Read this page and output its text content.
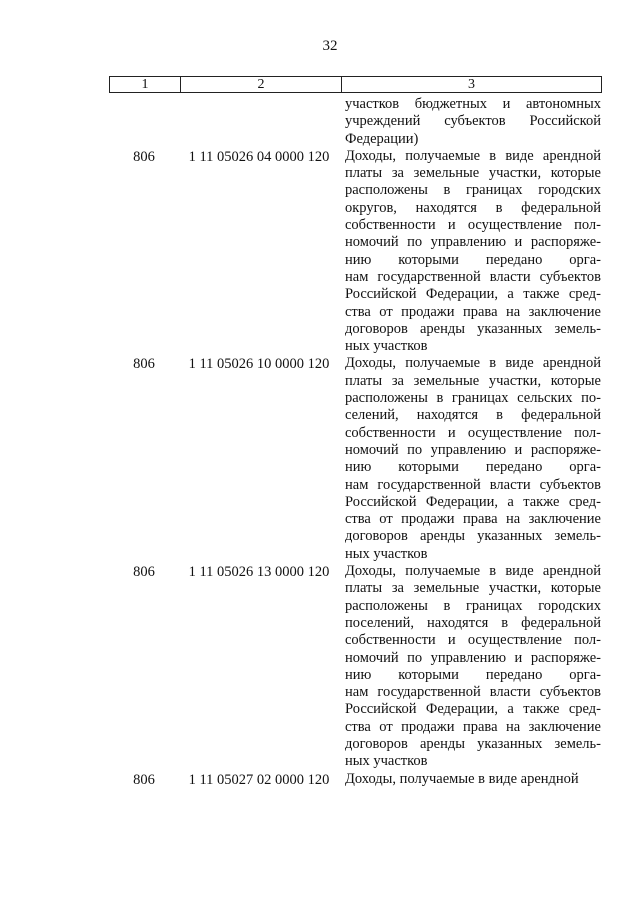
32
1	2	3
участков бюджетных и автономных
учреждений субъектов Российской
Федерации)
806	1 11 05026 04 0000 120	Доходы, получаемые в виде арендной
платы за земельные участки, которые
расположены в границах городских
округов, находятся в федеральной
собственности и осуществление пол-
номочий по управлению и распоряже-
нию которыми передано орга-
нам государственной власти субъектов
Российской Федерации, а также сред-
ства от продажи права на заключение
договоров аренды указанных земель-
ных участков
806	1 11 05026 10 0000 120	Доходы, получаемые в виде арендной
платы за земельные участки, которые
расположены в границах сельских по-
селений, находятся в федеральной
собственности и осуществление пол-
номочий по управлению и распоряже-
нию которыми передано орга-
нам государственной власти субъектов
Российской Федерации, а также сред-
ства от продажи права на заключение
договоров аренды указанных земель-
ных участков
806	1 11 05026 13 0000 120	Доходы, получаемые в виде арендной
платы за земельные участки, которые
расположены в границах городских
поселений, находятся в федеральной
собственности и осуществление пол-
номочий по управлению и распоряже-
нию которыми передано орга-
нам государственной власти субъектов
Российской Федерации, а также сред-
ства от продажи права на заключение
договоров аренды указанных земель-
ных участков
806	1 11 05027 02 0000 120	Доходы, получаемые в виде арендной
